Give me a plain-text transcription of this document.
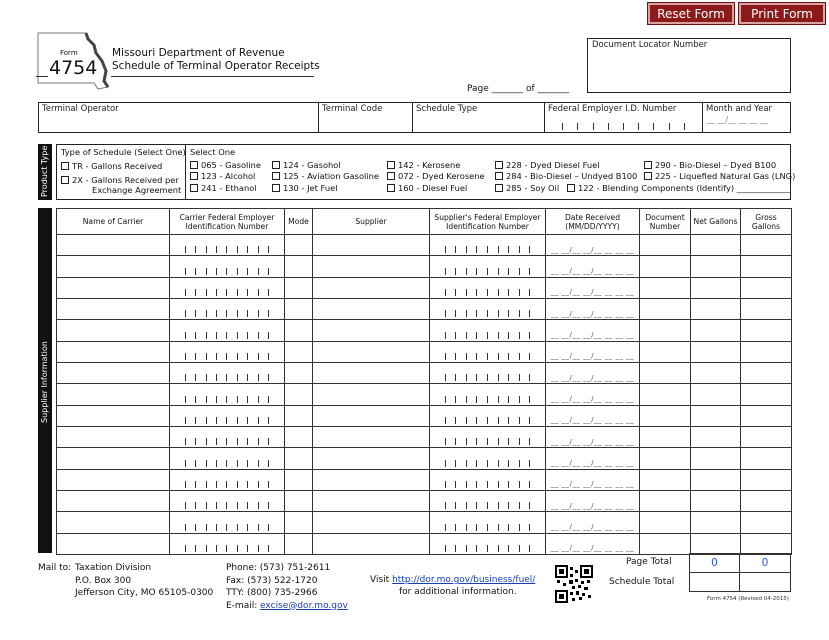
Reset Form	Print Form
Form
4754
Missouri Department of Revenue
Schedule of Terminal Operator Receipts
Page _______ of _______
Document Locator Number
Terminal Operator	Terminal Code	Schedule Type	Federal Employer I.D. Number	Month and Year
__ __/__ __ __ __
Product Type Type of Schedule (Select One)
TR - Gallons Received
2X - Gallons Received per
Exchange Agreement
Select One
065 - Gasoline	124 - Gasohol	142 - Kerosene	228 - Dyed Diesel Fuel	290 - Bio-Diesel – Dyed B100
123 - Alcohol	125 - Aviation Gasoline	072 - Dyed Kerosene	284 - Bio-Diesel – Undyed B100	225 - Liquefied Natural Gas (LNG)
241 - Ethanol	130 - Jet Fuel	160 - Diesel Fuel	285 - Soy Oil	122 - Blending Components (Identify) _____________
Supplier Information
Name of Carrier	Carrier Federal Employer Identification Number	Mode	Supplier	Supplier's Federal Employer Identification Number	Date Received (MM/DD/YYYY)	Document Number	Net Gallons	Gross Gallons

					__ __/__ __/__ __ __ __			

					__ __/__ __/__ __ __ __			

					__ __/__ __/__ __ __ __			

					__ __/__ __/__ __ __ __			

					__ __/__ __/__ __ __ __			

					__ __/__ __/__ __ __ __			

					__ __/__ __/__ __ __ __			

					__ __/__ __/__ __ __ __			

					__ __/__ __/__ __ __ __			

					__ __/__ __/__ __ __ __			

					__ __/__ __/__ __ __ __			

					__ __/__ __/__ __ __ __			

					__ __/__ __/__ __ __ __			

					__ __/__ __/__ __ __ __			

					__ __/__ __/__ __ __ __			

Mail to: Taxation Division
P.O. Box 300
Jefferson City, MO 65105-0300
Phone: (573) 751-2611
Fax: (573) 522-1720
TTY: (800) 735-2966
E-mail: excise@dor.mo.gov
Visit http://dor.mo.gov/business/fuel/
for additional information.
Page Total
Schedule Total
0	0
Form 4754 (Revised 04-2015)
